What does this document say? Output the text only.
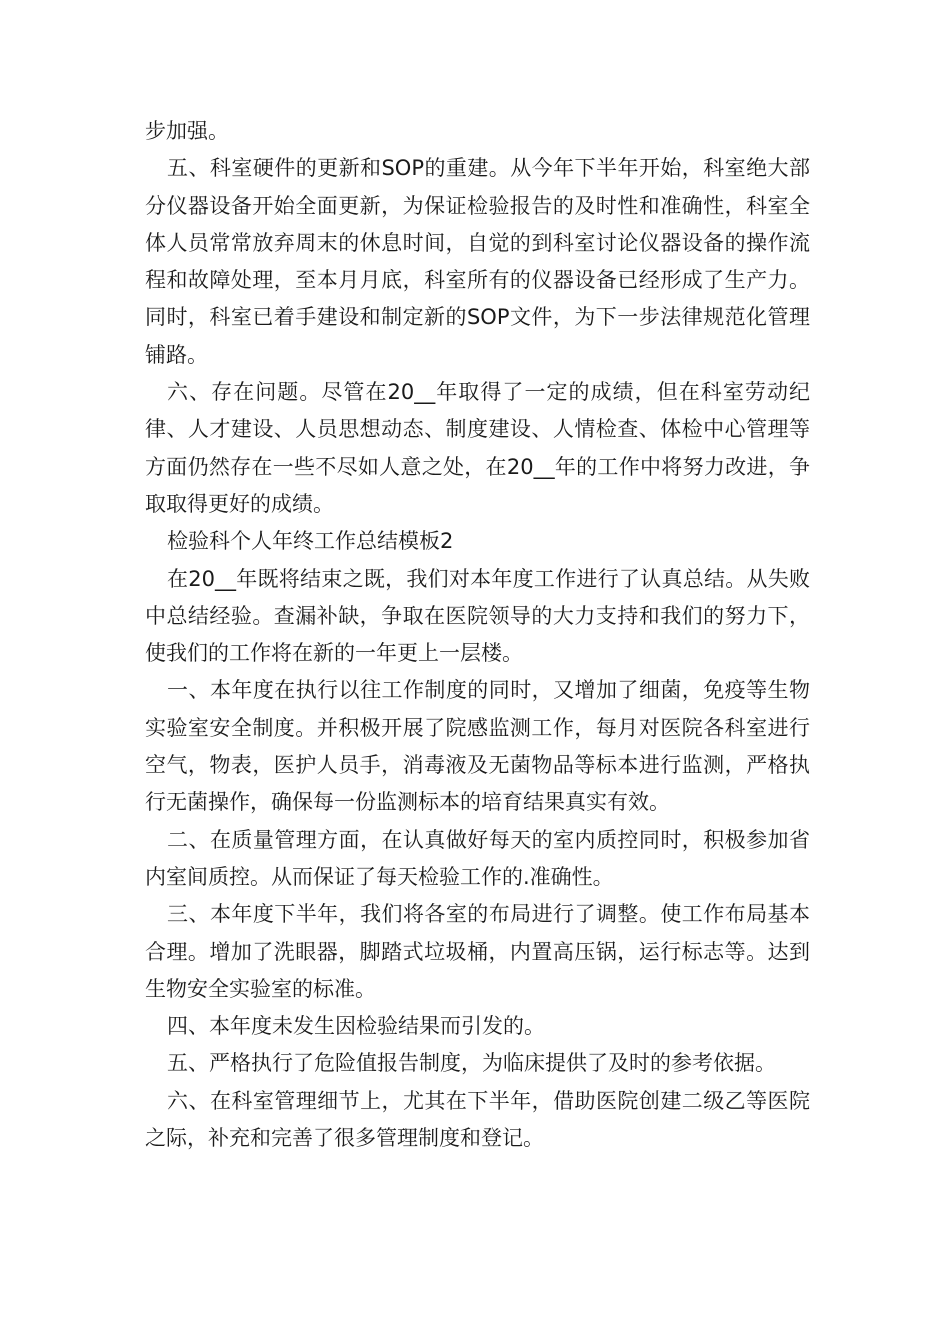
步加强。

五、科室硬件的更新和SOP的重建。从今年下半年开始，科室绝大部分仪器设备开始全面更新，为保证检验报告的及时性和准确性，科室全体人员常常放弃周末的休息时间，自觉的到科室讨论仪器设备的操作流程和故障处理，至本月月底，科室所有的仪器设备已经形成了生产力。同时，科室已着手建设和制定新的SOP文件，为下一步法律规范化管理铺路。

六、存在问题。尽管在20__年取得了一定的成绩，但在科室劳动纪律、人才建设、人员思想动态、制度建设、人情检查、体检中心管理等方面仍然存在一些不尽如人意之处，在20__年的工作中将努力改进，争取取得更好的成绩。

检验科个人年终工作总结模板2

在20__年既将结束之既，我们对本年度工作进行了认真总结。从失败中总结经验。查漏补缺，争取在医院领导的大力支持和我们的努力下，使我们的工作将在新的一年更上一层楼。

一、本年度在执行以往工作制度的同时，又增加了细菌，免疫等生物实验室安全制度。并积极开展了院感监测工作，每月对医院各科室进行空气，物表，医护人员手，消毒液及无菌物品等标本进行监测，严格执行无菌操作，确保每一份监测标本的培育结果真实有效。

二、在质量管理方面，在认真做好每天的室内质控同时，积极参加省内室间质控。从而保证了每天检验工作的.准确性。

三、本年度下半年，我们将各室的布局进行了调整。使工作布局基本合理。增加了洗眼器，脚踏式垃圾桶，内置高压锅，运行标志等。达到生物安全实验室的标准。

四、本年度未发生因检验结果而引发的。

五、严格执行了危险值报告制度，为临床提供了及时的参考依据。

六、在科室管理细节上，尤其在下半年，借助医院创建二级乙等医院之际，补充和完善了很多管理制度和登记。
